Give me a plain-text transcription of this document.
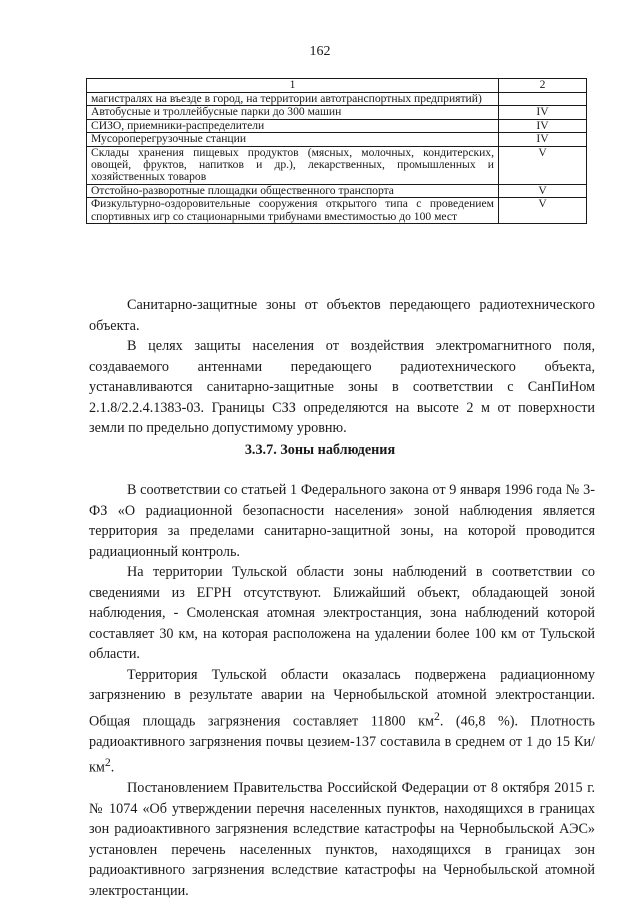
162
1	2
магистралях на въезде в город, на территории автотранспортных предприятий)	
Автобусные и троллейбусные парки до 300 машин	IV
СИЗО, приемники-распределители	IV
Мусороперегрузочные станции	IV
Склады хранения пищевых продуктов (мясных, молочных, кондитерских, овощей, фруктов, напитков и др.), лекарственных, промышленных и хозяйственных товаров	V
Отстойно-разворотные площадки общественного транспорта	V
Физкультурно-оздоровительные сооружения открытого типа с проведением спортивных игр со стационарными трибунами вместимостью до 100 мест	V

Санитарно-защитные зоны от объектов передающего радиотехнического объекта.

В целях защиты населения от воздействия электромагнитного поля, создаваемого антеннами передающего радиотехнического объекта, устанавливаются санитарно-защитные зоны в соответствии с СанПиНом 2.1.8/2.2.4.1383-03. Границы СЗЗ определяются на высоте 2 м от поверхности земли по предельно допустимому уровню.

3.3.7. Зоны наблюдения

В соответствии со статьей 1 Федерального закона от 9 января 1996 года № 3-ФЗ «О радиационной безопасности населения» зоной наблюдения является территория за пределами санитарно-защитной зоны, на которой проводится радиационный контроль.

На территории Тульской области зоны наблюдений в соответствии со сведениями из ЕГРН отсутствуют. Ближайший объект, обладающей зоной наблюдения, - Смоленская атомная электростанция, зона наблюдений которой составляет 30 км, на которая расположена на удалении более 100 км от Тульской области.

Территория Тульской области оказалась подвержена радиационному загрязнению в результате аварии на Чернобыльской атомной электростанции. Общая площадь загрязнения составляет 11800 $км^2$. (46,8 %). Плотность радиоактивного загрязнения почвы цезием-137 составила в среднем от 1 до 15 $Ки/км^2$.

Постановлением Правительства Российской Федерации от 8 октября 2015 г. № 1074 «Об утверждении перечня населенных пунктов, находящихся в границах зон радиоактивного загрязнения вследствие катастрофы на Чернобыльской АЭС» установлен перечень населенных пунктов, находящихся в границах зон радиоактивного загрязнения вследствие катастрофы на Чернобыльской атомной электростанции.
